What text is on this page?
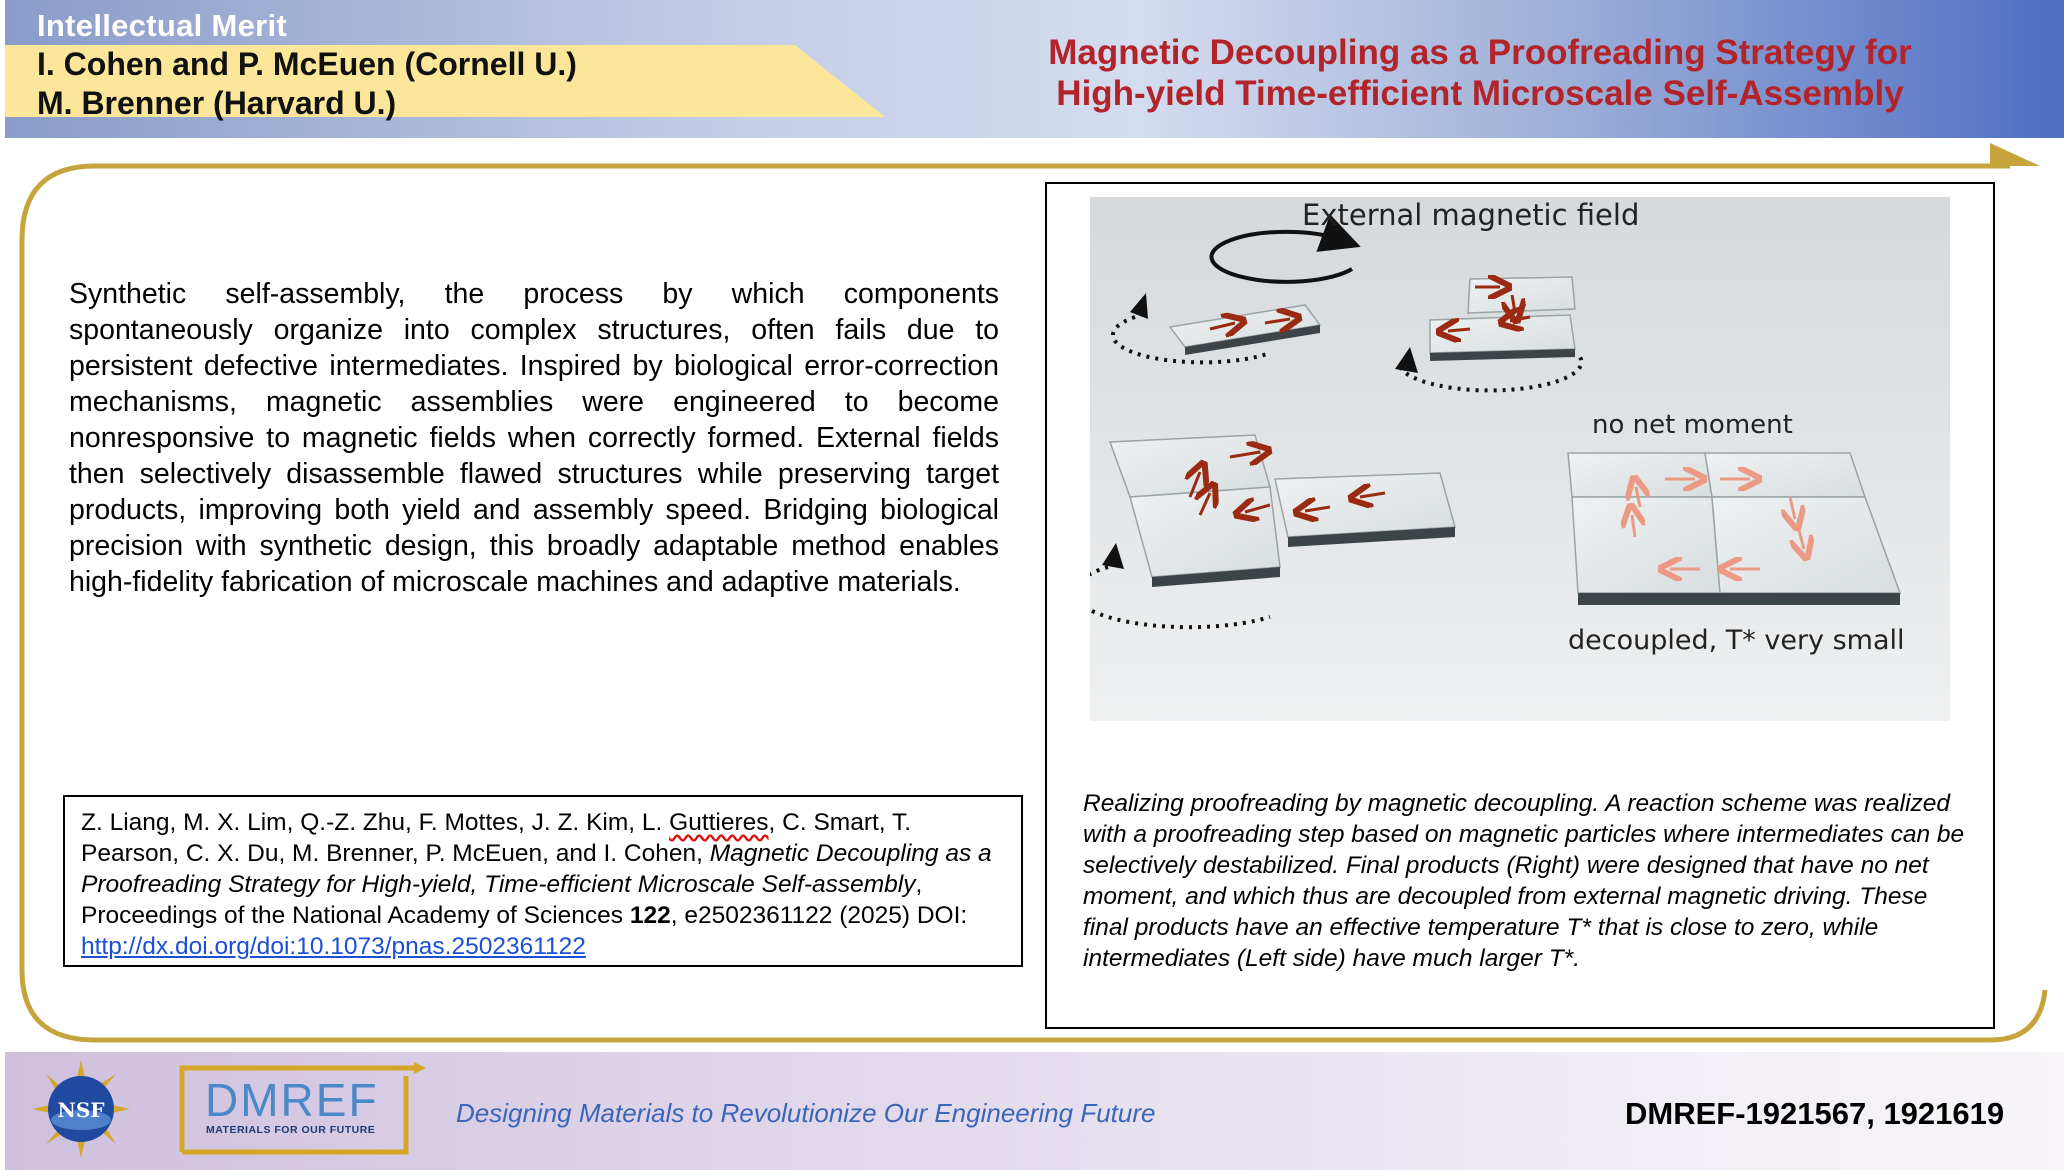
Intellectual Merit
I. Cohen and P. McEuen (Cornell U.)
M. Brenner (Harvard U.)
Magnetic Decoupling as a Proofreading Strategy for
High-yield Time-efficient Microscale Self-Assembly
Synthetic self-assembly, the process by which components spontaneously organize into complex structures, often fails due to persistent defective intermediates. Inspired by biological error-correction mechanisms, magnetic assemblies were engineered to become nonresponsive to magnetic fields when correctly formed. External fields then selectively disassemble flawed structures while preserving target products, improving both yield and assembly speed. Bridging biological precision with synthetic design, this broadly adaptable method enables high-fidelity fabrication of microscale machines and adaptive materials.
Z. Liang, M. X. Lim, Q.-Z. Zhu, F. Mottes, J. Z. Kim, L. Guttieres, C. Smart, T. Pearson, C. X. Du, M. Brenner, P. McEuen, and I. Cohen, Magnetic Decoupling as a Proofreading Strategy for High-yield, Time-efficient Microscale Self-assembly, Proceedings of the National Academy of Sciences 122, e2502361122 (2025) DOI: http://dx.doi.org/doi:10.1073/pnas.2502361122
External magnetic field
no net moment
decoupled, T* very small
Realizing proofreading by magnetic decoupling. A reaction scheme was realized with a proofreading step based on magnetic particles where intermediates can be selectively destabilized. Final products (Right) were designed that have no net moment, and which thus are decoupled from external magnetic driving. These final products have an effective temperature T* that is close to zero, while intermediates (Left side) have much larger T*.
NSF DMREF
MATERIALS FOR OUR FUTURE
Designing Materials to Revolutionize Our Engineering Future	DMREF-1921567, 1921619
